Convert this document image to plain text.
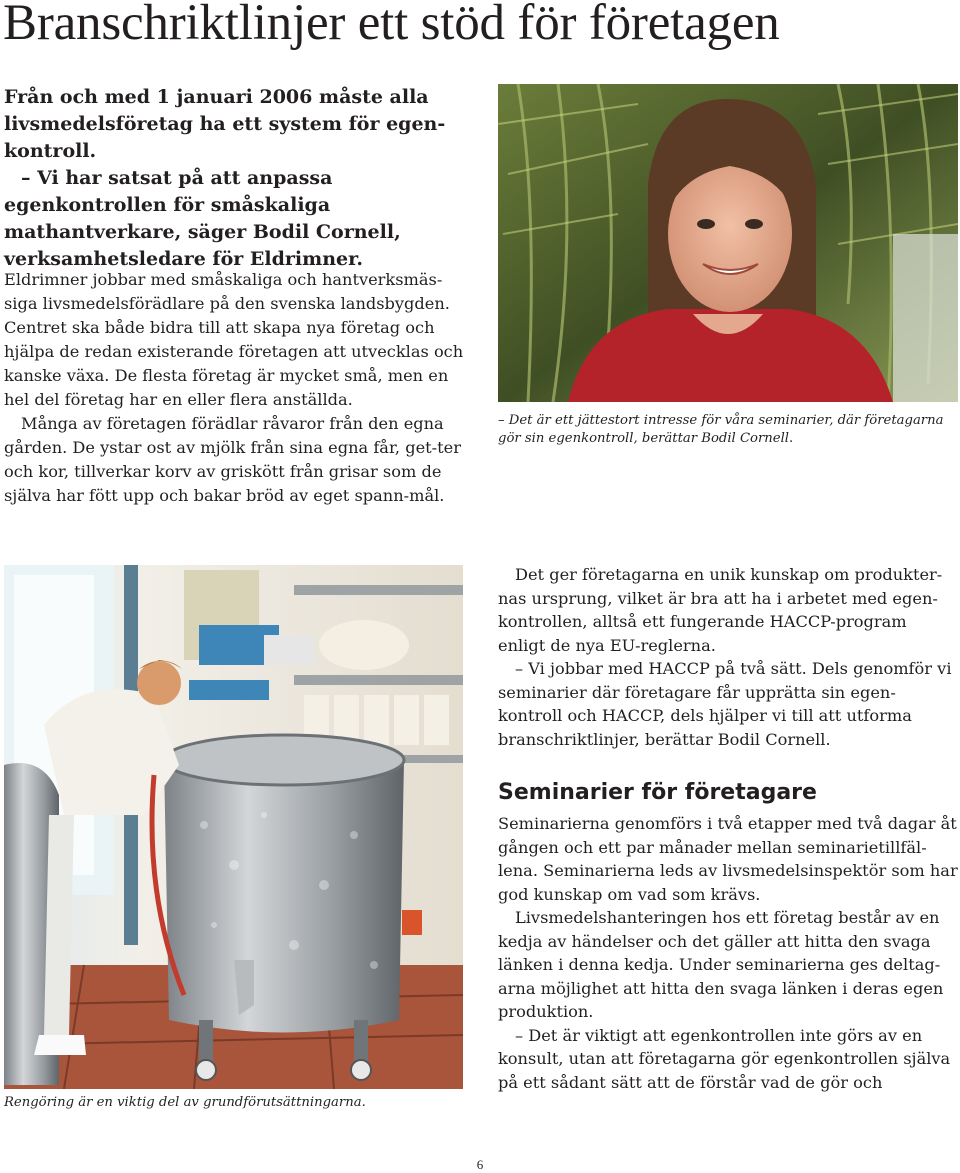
Branschriktlinjer ett stöd för företagen

Från och med 1 januari 2006 måste alla livsmedelsföretag ha ett system för egen-kontroll.

– Vi har satsat på att anpassa egenkontrollen för småskaliga mathantverkare, säger Bodil Cornell, verksamhetsledare för Eldrimner.

Eldrimner jobbar med småskaliga och hantverksmäs-siga livsmedelsförädlare på den svenska landsbygden. Centret ska både bidra till att skapa nya företag och hjälpa de redan existerande företagen att utvecklas och kanske växa. De flesta företag är mycket små, men en hel del företag har en eller flera anställda.

Många av företagen förädlar råvaror från den egna gården. De ystar ost av mjölk från sina egna får, get-ter och kor, tillverkar korv av griskött från grisar som de själva har fött upp och bakar bröd av eget spann-mål.

– Det är ett jättestort intresse för våra seminarier, där företagarna gör sin egenkontroll, berättar Bodil Cornell.
Rengöring är en viktig del av grundförutsättningarna.

Det ger företagarna en unik kunskap om produkter-nas ursprung, vilket är bra att ha i arbetet med egen-kontrollen, alltså ett fungerande HACCP-program enligt de nya EU-reglerna.

– Vi jobbar med HACCP på två sätt. Dels genomför vi seminarier där företagare får upprätta sin egen-kontroll och HACCP, dels hjälper vi till att utforma branschriktlinjer, berättar Bodil Cornell.

Seminarier för företagare

Seminarierna genomförs i två etapper med två dagar åt gången och ett par månader mellan seminarietillfäl-lena. Seminarierna leds av livsmedelsinspektör som har god kunskap om vad som krävs.

Livsmedelshanteringen hos ett företag består av en kedja av händelser och det gäller att hitta den svaga länken i denna kedja. Under seminarierna ges deltag-arna möjlighet att hitta den svaga länken i deras egen produktion.

– Det är viktigt att egenkontrollen inte görs av en konsult, utan att företagarna gör egenkontrollen själva på ett sådant sätt att de förstår vad de gör och

6
